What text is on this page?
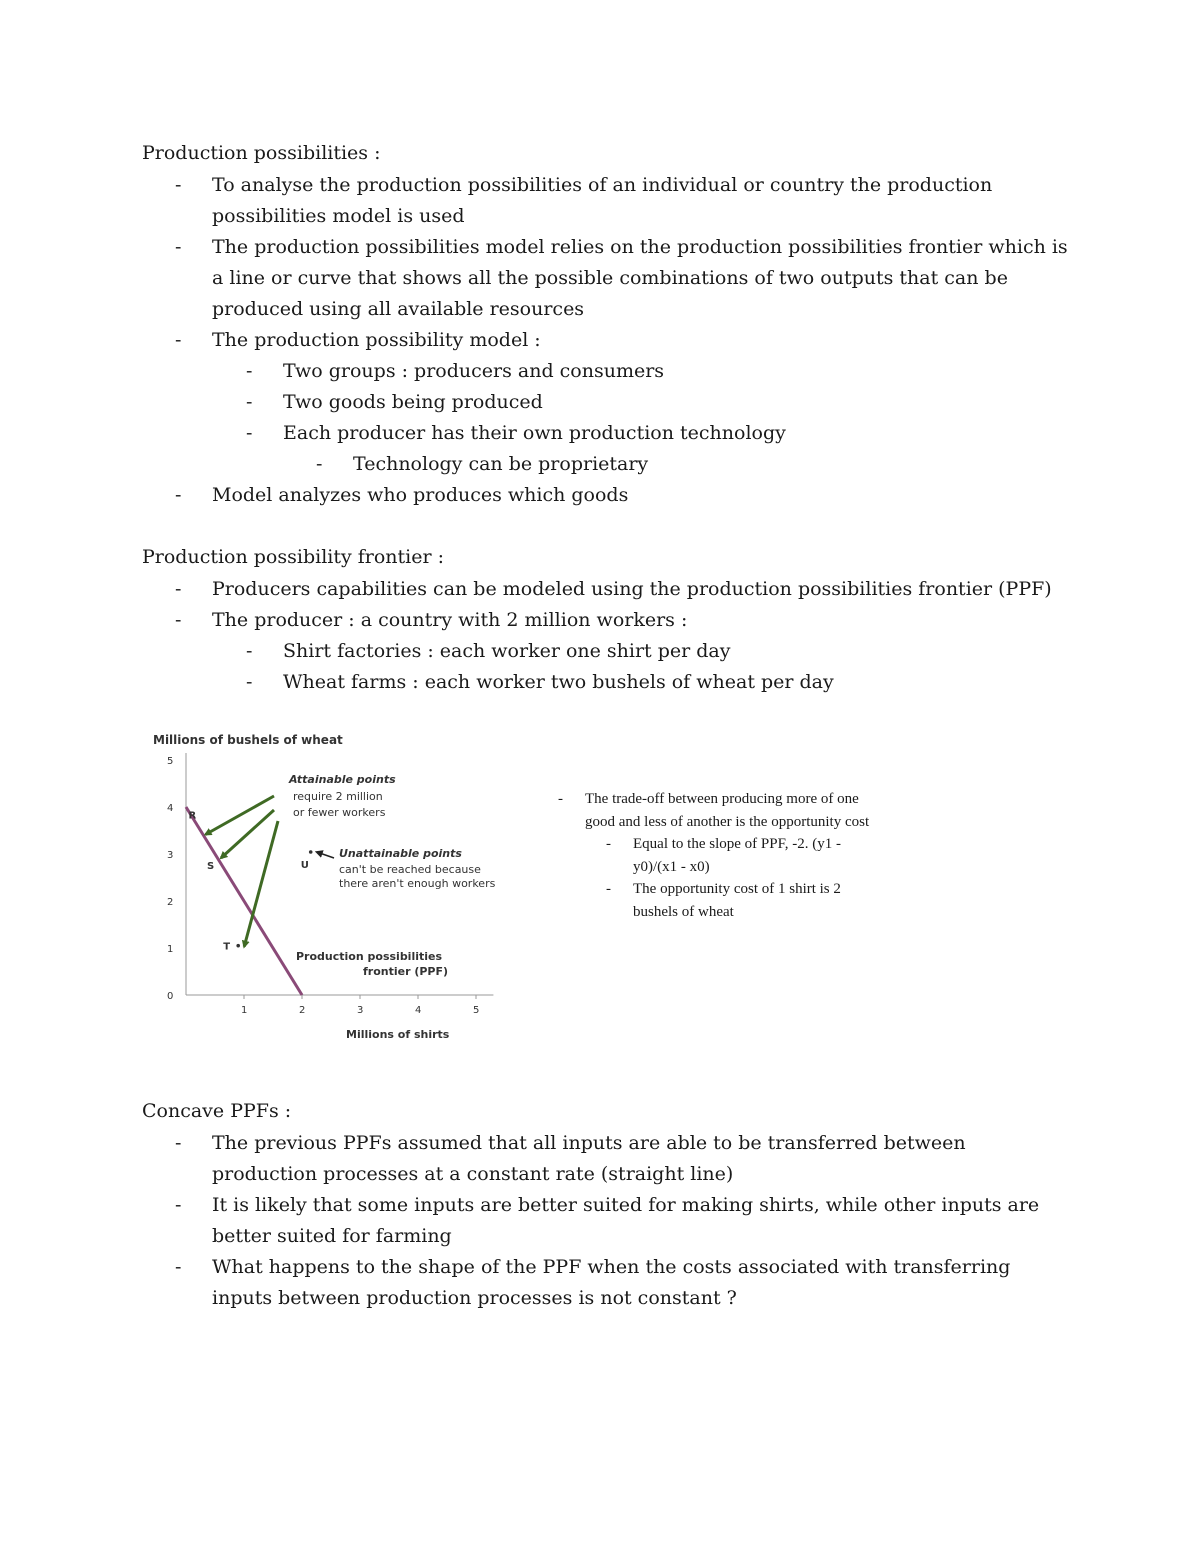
Production possibilities :
- To analyse the production possibilities of an individual or country the production possibilities model is used
- The production possibilities model relies on the production possibilities frontier which is a line or curve that shows all the possible combinations of two outputs that can be produced using all available resources
- The production possibility model :
- Two groups : producers and consumers
- Two goods being produced
- Each producer has their own production technology
- Technology can be proprietary
- Model analyzes who produces which goods
Production possibility frontier :
- Producers capabilities can be modeled using the production possibilities frontier (PPF)
- The producer : a country with 2 million workers :
- Shirt factories : each worker one shirt per day
- Wheat farms : each worker two bushels of wheat per day
Millions of bushels of wheat
0
1
2
3
4
5
1	2	3	4	5
R
S
T
U
Millions of shirts
Attainable points
require 2 million
or fewer workers
Unattainable points
can't be reached because
there aren't enough workers
Production possibilities
frontier (PPF)
- The trade-off between producing more of one good and less of another is the opportunity cost
- Equal to the slope of PPF, -2. (y1 - y0)/(x1 - x0)
- The opportunity cost of 1 shirt is 2 bushels of wheat
Concave PPFs :
- The previous PPFs assumed that all inputs are able to be transferred between production processes at a constant rate (straight line)
- It is likely that some inputs are better suited for making shirts, while other inputs are better suited for farming
- What happens to the shape of the PPF when the costs associated with transferring inputs between production processes is not constant ?
